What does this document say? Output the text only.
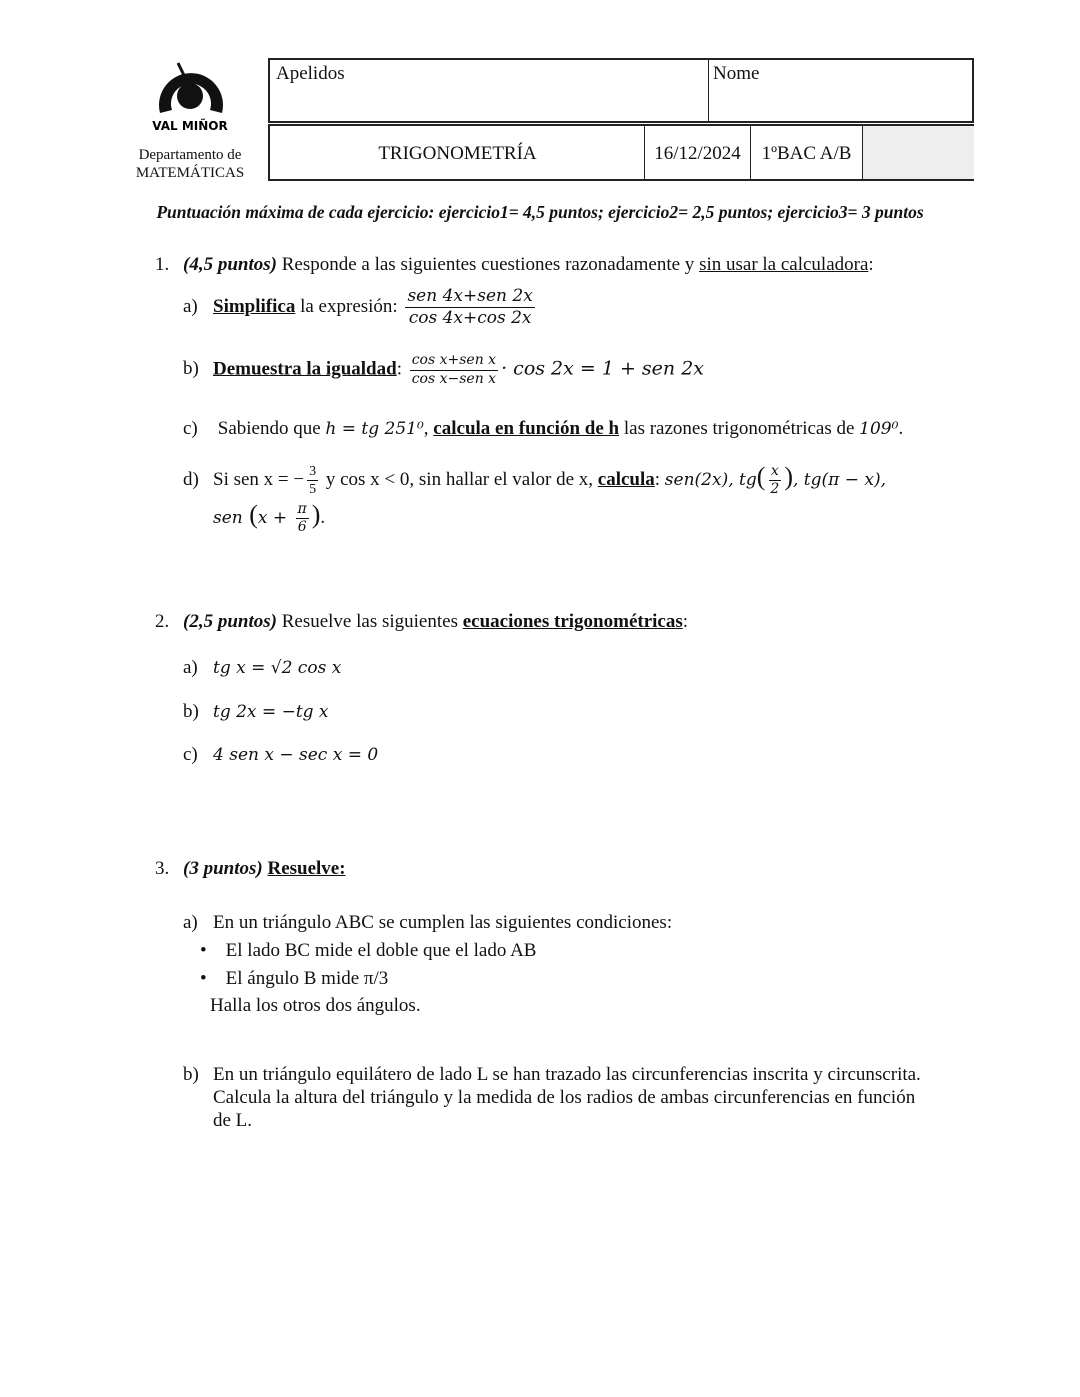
VAL MIÑOR
Departamento de
MATEMÁTICAS
Apelidos	Nome
TRIGONOMETRÍA	16/12/2024	1ºBAC A/B
Puntuación máxima de cada ejercicio: ejercicio1= 4,5 puntos; ejercicio2= 2,5 puntos; ejercicio3= 3 puntos
1. (4,5 puntos) Responde a las siguientes cuestiones razonadamente y sin usar la calculadora:
a) Simplifica la expresión: $\frac{\text{sen 4x+sen 2x}}{\cos 4x+\cos 2x}$
b) Demuestra la igualdad: $\frac{\text{cos x+sen x}}{\text{cos x−sen x}} \cdot \cos 2x = 1$ + sen 2x
c) Sabiendo que h = tg 251⁰, calcula en función de h las razones trigonométricas de 109⁰.
d) Si sen x = − $\frac{3}{5}$ y cos x < 0, sin hallar el valor de x, calcula: sen(2x), $tg( \frac{x}{2}$ ), tg(π − x),
sen ($x + \frac{\pi}{6}$ ).
2. (2,5 puntos) Resuelve las siguientes ecuaciones trigonométricas:
a) tg x = √2 cos x
b) tg 2x = −tg x
c) 4 sen x − sec x = 0
3. (3 puntos) Resuelve:
a) En un triángulo ABC se cumplen las siguientes condiciones:
•    El lado BC mide el doble que el lado AB
•    El ángulo B mide π/3
Halla los otros dos ángulos.
b) En un triángulo equilátero de lado L se han trazado las circunferencias inscrita y circunscrita.
Calcula la altura del triángulo y la medida de los radios de ambas circunferencias en función
de L.
